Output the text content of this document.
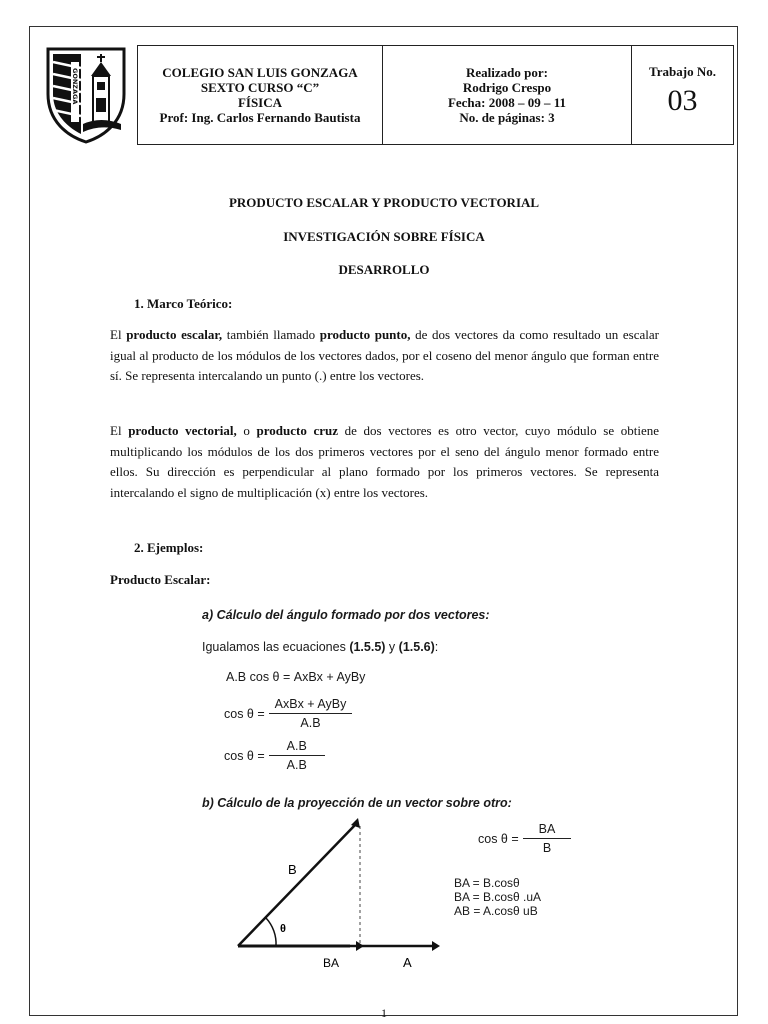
GONZAGA	COLEGIO SAN LUIS GONZAGA
SEXTO CURSO “C”
FÍSICA
Prof: Ing. Carlos Fernando Bautista
Realizado por:
Rodrigo Crespo
Fecha: 2008 – 09 – 11
No. de páginas: 3
Trabajo No.
03
PRODUCTO ESCALAR Y PRODUCTO VECTORIAL
INVESTIGACIÓN SOBRE FÍSICA
DESARROLLO
1. Marco Teórico:
El producto escalar, también llamado producto punto, de dos vectores da como resultado un escalar igual al producto de los módulos de los vectores dados, por el coseno del menor ángulo que forman entre sí. Se representa intercalando un punto (.) entre los vectores.
El producto vectorial, o producto cruz de dos vectores es otro vector, cuyo módulo se obtiene multiplicando los módulos de los dos primeros vectores por el seno del ángulo menor formado entre ellos. Su dirección es perpendicular al plano formado por los primeros vectores. Se representa intercalando el signo de multiplicación (x) entre los vectores.
2. Ejemplos:
Producto Escalar:
a) Cálculo del ángulo formado por dos vectores:
Igualamos las ecuaciones (1.5.5) y (1.5.6):
A.B cos θ = AxBx + AyBy
$\cos \theta = \frac{\text{AxBx + AyBy}}{A.B}$
$\cos \theta = \frac{A.B}{A.B}$
b) Cálculo de la proyección de un vector sobre otro:
B
θ
BA	A
$\cos \theta = \frac{BA}{B}$
BA = B.cosθ
BA = B.cosθ .uA
AB = A.cosθ uB
1
